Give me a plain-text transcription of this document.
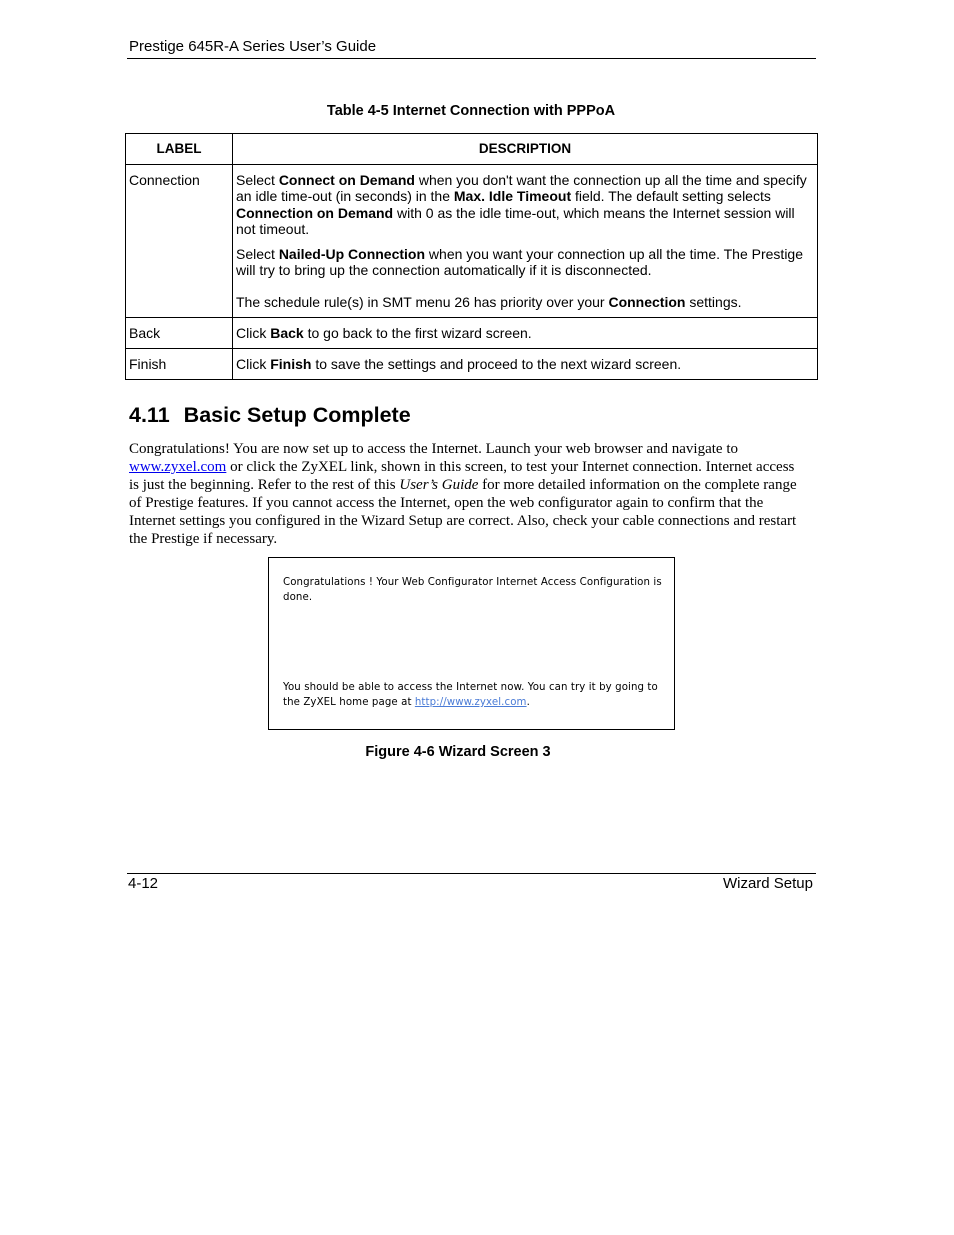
Prestige 645R-A Series User’s Guide
Table 4-5 Internet Connection with PPPoA
LABEL	DESCRIPTION
Connection	Select Connect on Demand when you don't want the connection up all the time and specify an idle time-out (in seconds) in the Max. Idle Timeout field. The default setting selects Connection on Demand with 0 as the idle time-out, which means the Internet session will not timeout.

Select Nailed-Up Connection when you want your connection up all the time. The Prestige will try to bring up the connection automatically if it is disconnected.

The schedule rule(s) in SMT menu 26 has priority over your Connection settings.

Back	Click Back to go back to the first wizard screen.
Finish	Click Finish to save the settings and proceed to the next wizard screen.
4.11 Basic Setup Complete
Congratulations! You are now set up to access the Internet. Launch your web browser and navigate to www.zyxel.com or click the ZyXEL link, shown in this screen, to test your Internet connection. Internet access is just the beginning. Refer to the rest of this User’s Guide for more detailed information on the complete range of Prestige features. If you cannot access the Internet, open the web configurator again to confirm that the Internet settings you configured in the Wizard Setup are correct. Also, check your cable connections and restart the Prestige if necessary.
Congratulations ! Your Web Configurator Internet Access Configuration is done.
You should be able to access the Internet now. You can try it by going to the ZyXEL home page at http://www.zyxel.com.
Figure 4-6 Wizard Screen 3
4-12	Wizard Setup
